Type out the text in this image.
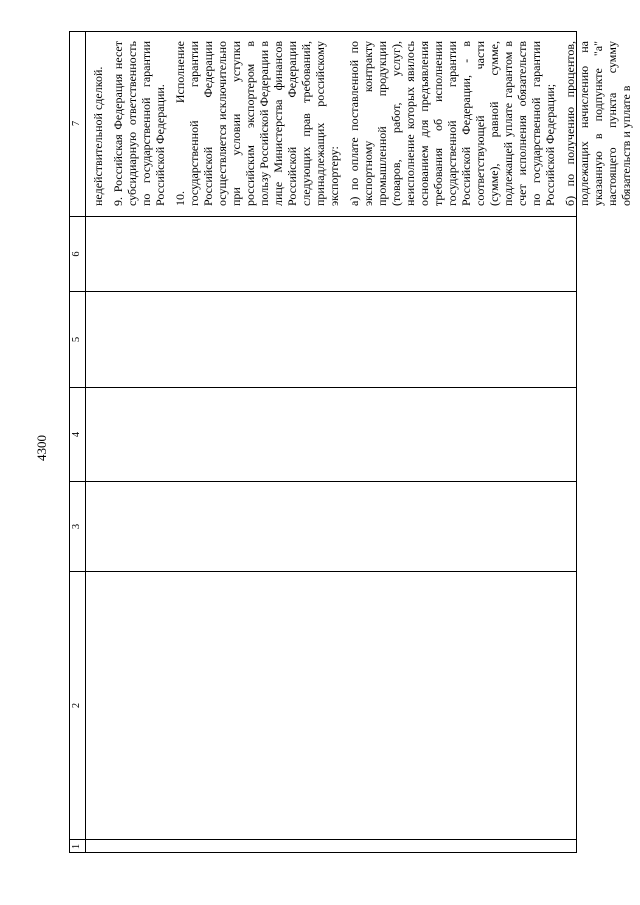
4300
1
2
3
4
5
6
7 недействительной сделкой. 9. Российская Федерация несет субсидиарную ответственность по государственной гарантии Российской Федерации. 10. Исполнение государственной гарантии Российской Федерации осуществляется исключительно при условии уступки российским экспортером в пользу Российской Федерации в лице Министерства финансов Российской Федерации следующих прав требований, принадлежащих российскому экспортеру: а) по оплате поставленной по экспортному контракту промышленной продукции (товаров, работ, услуг), неисполнение которых явилось основанием для предъявления требования об исполнении государственной гарантии Российской Федерации, - в соответствующей части (сумме), равной сумме, подлежащей уплате гарантом в счет исполнения обязательств по государственной гарантии Российской Федерации; б) по получению процентов, подлежащих начислению на указанную в подпункте "а" настоящего пункта сумму обязательств и уплате в
